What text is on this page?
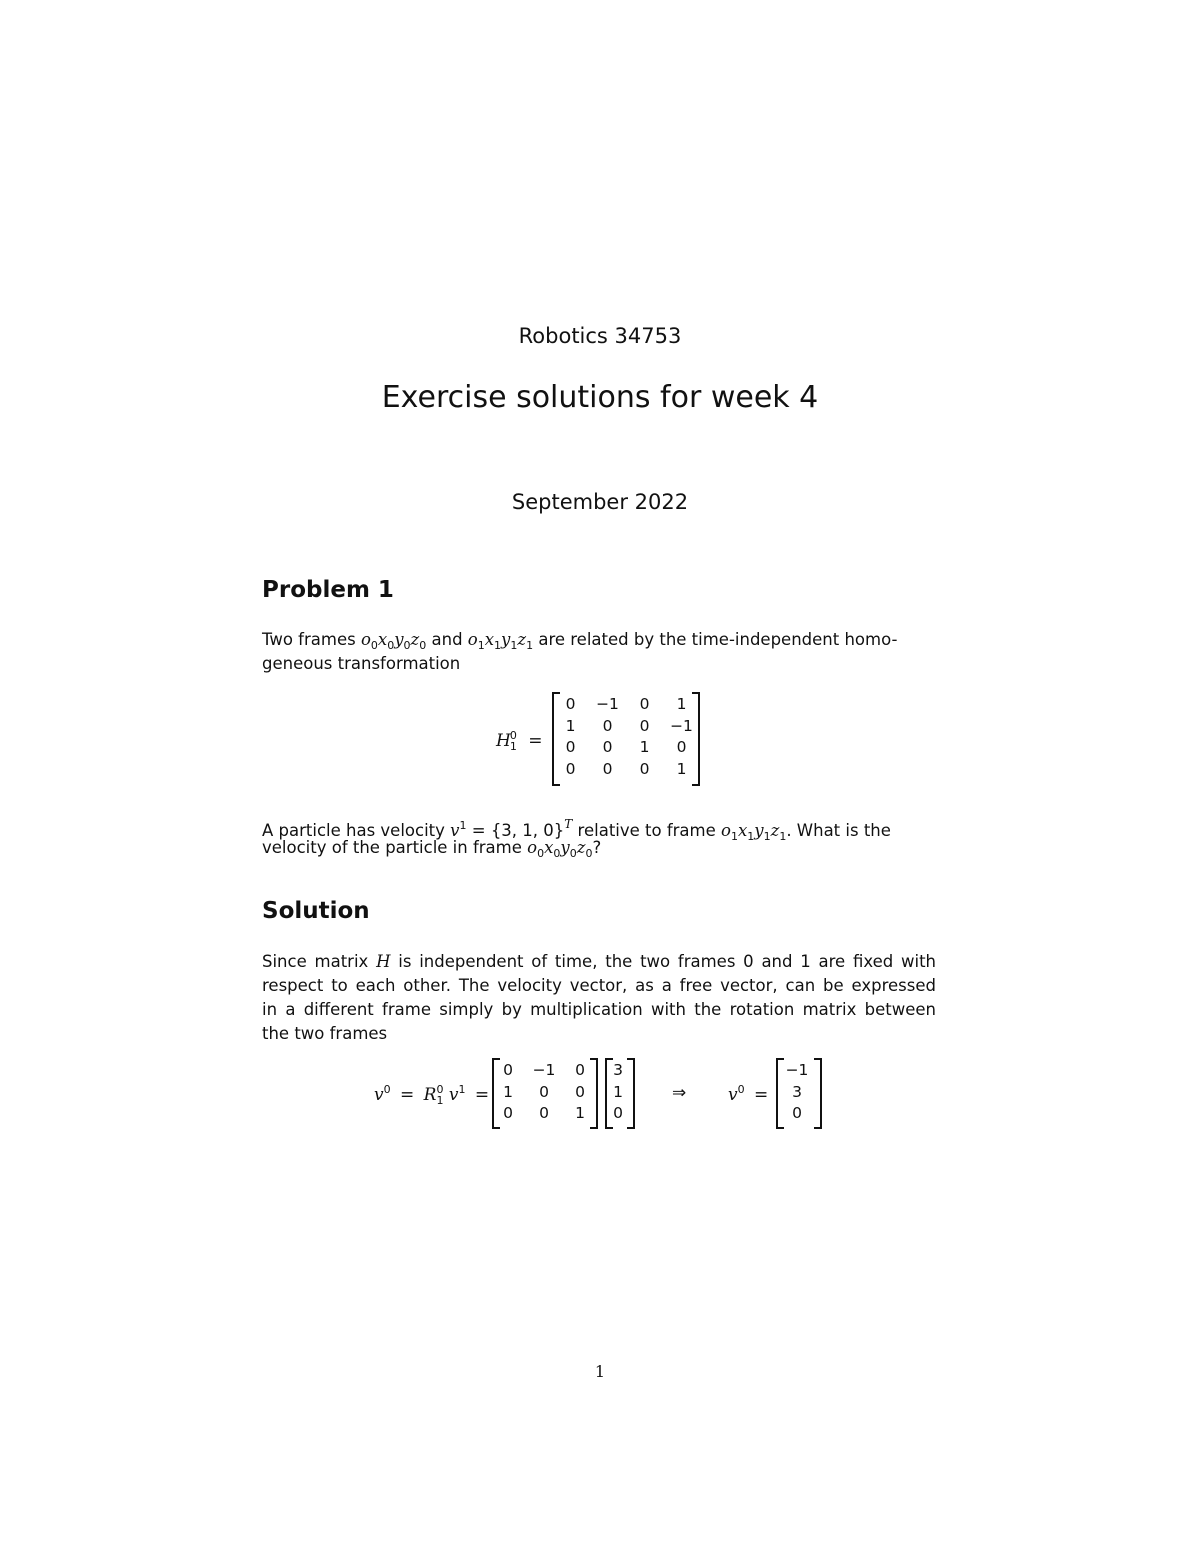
Robotics 34753
Exercise solutions for week 4
September 2022
Problem 1
Two frames $o_0x_0y_0z_0$ and $o_1x_1y_1z_1$ are related by the time-independent homo-
geneous transformation
$H^0_1$ =
0	−1	0	1
1	0	0	−1
0	0	1	0
0	0	0	1
A particle has velocity $v^1 = \{3$, 1, 0}$^T$ relative to frame $o_1x_1y_1z_1$. What is the
velocity of the particle in frame $o_0x_0y_0z_0$?
Solution
Since matrix H is independent of time, the two frames 0 and 1 are fixed with
respect to each other. The velocity vector, as a free vector, can be expressed
in a different frame simply by multiplication with the rotation matrix between
the two frames
$v^0 = R^0_1$ $v^1$ =
0	−1	0
1	0	0
0	0	1
3
1
0
⇒ $v^0$ =
−1
3
0
1
